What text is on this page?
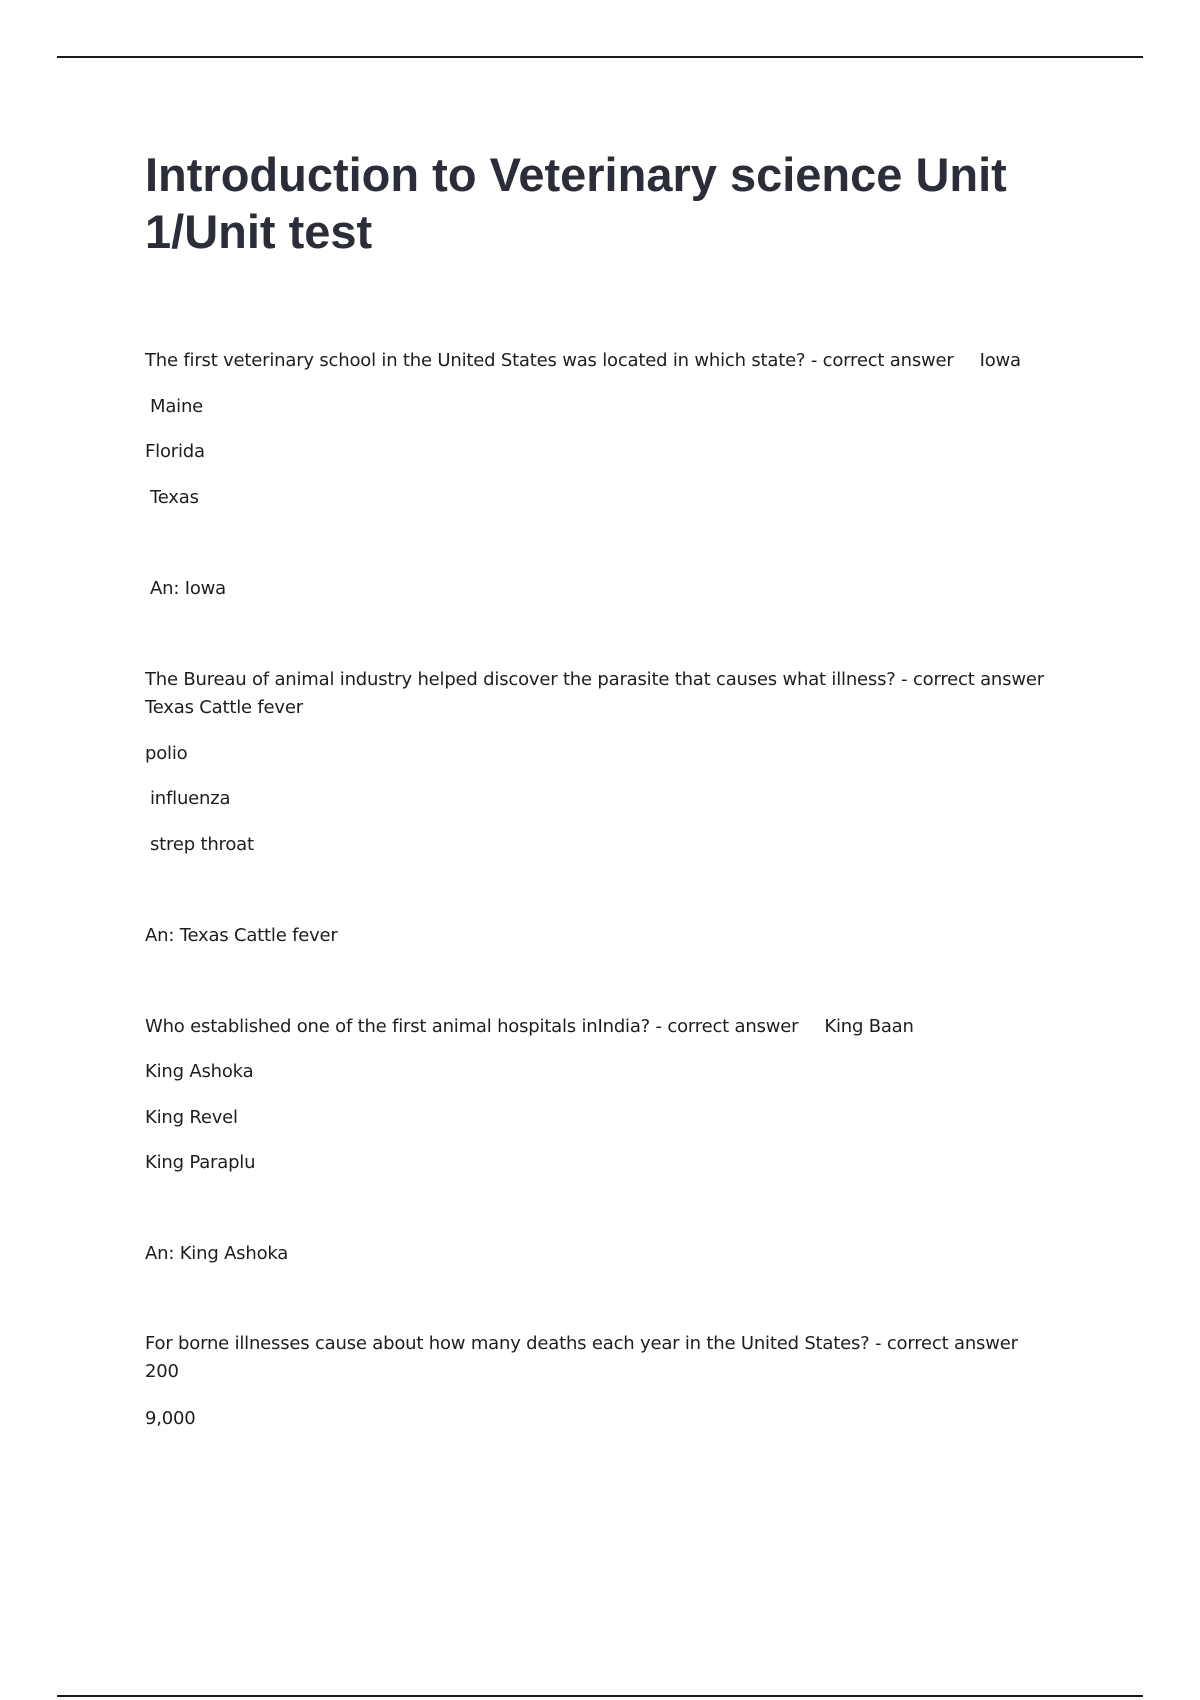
Introduction to Veterinary science Unit 1/Unit test
The first veterinary school in the United States was located in which state? - correct answer Iowa
Maine
Florida
Texas
An: Iowa
The Bureau of animal industry helped discover the parasite that causes what illness? - correct answer
Texas Cattle fever
polio
influenza
strep throat
An: Texas Cattle fever
Who established one of the first animal hospitals inIndia? - correct answer King Baan
King Ashoka
King Revel
King Paraplu
An: King Ashoka
For borne illnesses cause about how many deaths each year in the United States? - correct answer
200
9,000
